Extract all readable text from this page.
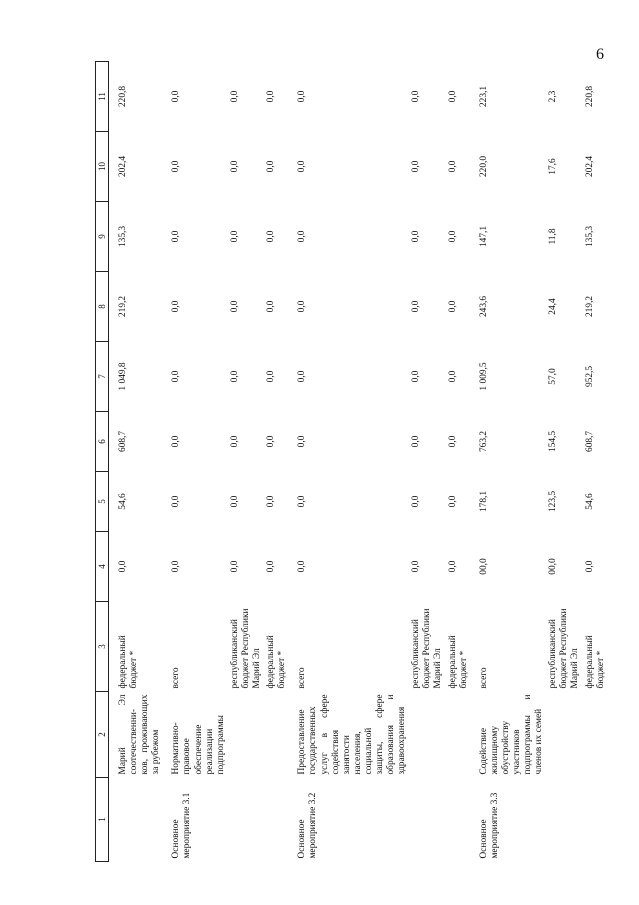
6
1	2	3	4	5	6	7	8	9	10	11
	Марий Эл соотечественни-ков, проживающих за рубежом	федеральный бюджет *	0,0	54,6	608,7	1 049,8	219,2	135,3	202,4	220,8
Основное мероприятие 3.1	Нормативно-правовое обеспечение реализации подпрограммы	всего	0,0	0,0	0,0	0,0	0,0	0,0	0,0	0,0
		республиканский бюджет Республики Марий Эл	0,0	0,0	0,0	0,0	0,0	0,0	0,0	0,0
		федеральный бюджет *	0,0	0,0	0,0	0,0	0,0	0,0	0,0	0,0
Основное мероприятие 3.2	Предоставление государственных услуг в сфере содействия занятости населения, социальной защиты, сфере образования и здравоохранения	всего	0,0	0,0	0,0	0,0	0,0	0,0	0,0	0,0
		республиканский бюджет Республики Марий Эл	0,0	0,0	0,0	0,0	0,0	0,0	0,0	0,0
		федеральный бюджет *	0,0	0,0	0,0	0,0	0,0	0,0	0,0	0,0
Основное мероприятие 3.3	Содействие жилищному обустройству участников подпрограммы и членов их семей	всего	00,0	178,1	763,2	1 009,5	243,6	147,1	220,0	223,1
		республиканский бюджет Республики Марий Эл	00,0	123,5	154,5	57,0	24,4	11,8	17,6	2,3
		федеральный бюджет *	0,0	54,6	608,7	952,5	219,2	135,3	202,4	220,8
